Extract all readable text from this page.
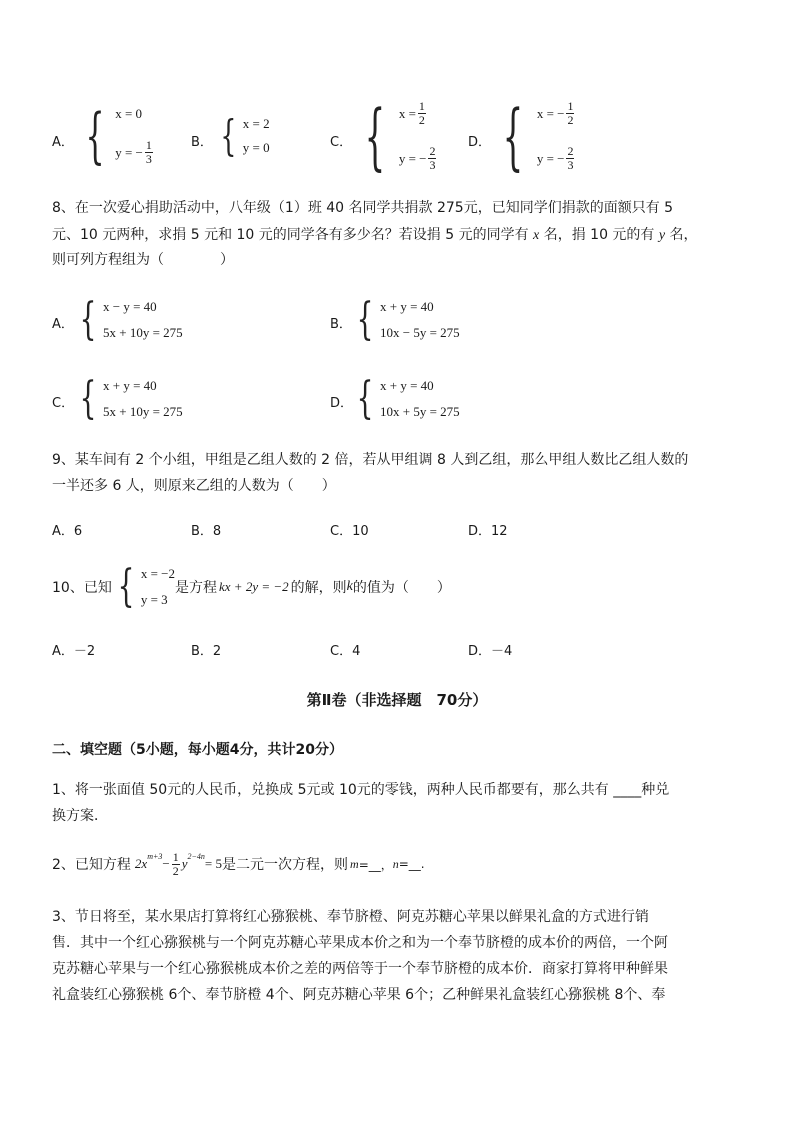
A． { x = 0
y = − $\frac{1}{3}$	B． { x = 2
y = 0	C． { $x = \frac{1}{2}$
y = − $\frac{2}{3}$
D． { x = − $\frac{1}{2}$
y = − $\frac{2}{3}$
8、在一次爱心捐助活动中，八年级（1）班 40 名同学共捐款 275元，已知同学们捐款的面额只有 5
元、10 元两种，求捐 5 元和 10 元的同学各有多少名？若设捐 5 元的同学有 x 名，捐 10 元的有 y 名，
则可列方程组为（　　　　）
A． { x − y = 40
5x + 10y = 275
B． { x + y = 40
10x − 5y = 275
C． { x + y = 40
5x + 10y = 275
D． { x + y = 40
10x + 5y = 275
9、某车间有 2 个小组，甲组是乙组人数的 2 倍，若从甲组调 8 人到乙组，那么甲组人数比乙组人数的
一半还多 6 人，则原来乙组的人数为（　　）
A．6	B．8	C．10	D．12
10、已知 { x = −2
y = 3
是方程 kx + 2y = −2 的解，则 k 的值为（　　）
A．－2	B．2	C．4	D．－4
第Ⅱ卷（非选择题　70分）
二、填空题（5小题，每小题4分，共计20分）
1、将一张面值 50元的人民币，兑换成 5元或 10元的零钱，两种人民币都要有，那么共有 ____种兑
换方案．
2、已知方程 $2x^{m+3} - \frac{1}{2} y^{2-4n} = 5$ 是二元一次方程，则 m =__， n =__.
3、节日将至，某水果店打算将红心猕猴桃、奉节脐橙、阿克苏糖心苹果以鲜果礼盒的方式进行销
售．其中一个红心猕猴桃与一个阿克苏糖心苹果成本价之和为一个奉节脐橙的成本价的两倍，一个阿
克苏糖心苹果与一个红心猕猴桃成本价之差的两倍等于一个奉节脐橙的成本价．商家打算将甲种鲜果
礼盒装红心猕猴桃 6个、奉节脐橙 4个、阿克苏糖心苹果 6个；乙种鲜果礼盒装红心猕猴桃 8个、奉
